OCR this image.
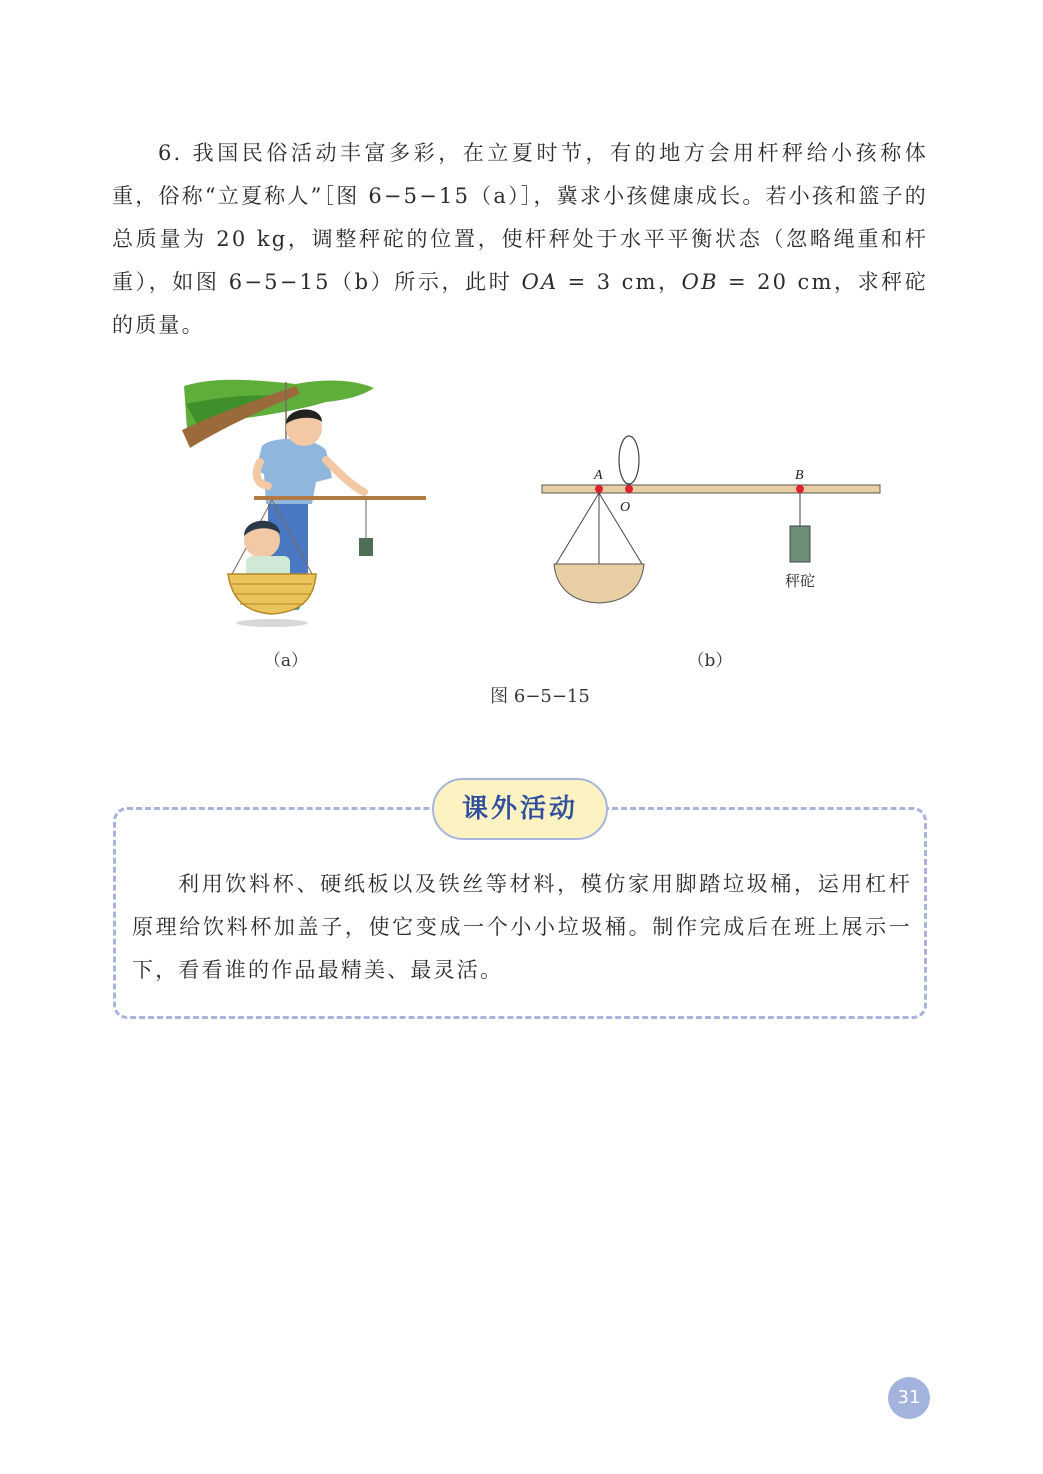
6. 我国民俗活动丰富多彩，在立夏时节，有的地方会用杆秤给小孩称体重，俗称“立夏称人”［图 6−5−15（a）］，冀求小孩健康成长。若小孩和篮子的总质量为 20 kg，调整秤砣的位置，使杆秤处于水平平衡状态（忽略绳重和杆重），如图 6−5−15（b）所示，此时 OA = 3 cm，OB = 20 cm，求秤砣的质量。

A
O
B
秤砣
（a）	（b）
图 6−5−15
课外活动

利用饮料杯、硬纸板以及铁丝等材料，模仿家用脚踏垃圾桶，运用杠杆原理给饮料杯加盖子，使它变成一个小小垃圾桶。制作完成后在班上展示一下，看看谁的作品最精美、最灵活。

31
